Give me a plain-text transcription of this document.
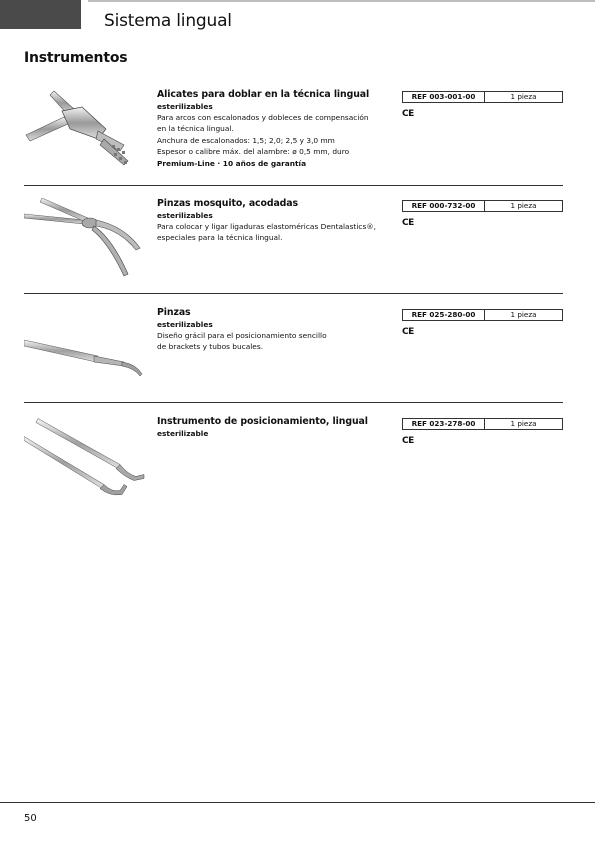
Sistema lingual
Instrumentos
Alicates para doblar en la técnica lingual
esterilizables
Para arcos con escalonados y dobleces de compensación
en la técnica lingual.
Anchura de escalonados: 1,5; 2,0; 2,5 y 3,0 mm
Espesor o calibre máx. del alambre: ø 0,5 mm, duro
Premium-Line · 10 años de garantía
REF 003-001-00	1 pieza
CE
Pinzas mosquito, acodadas
esterilizables
Para colocar y ligar ligaduras elastoméricas Dentalastics®,
especiales para la técnica lingual.
REF 000-732-00	1 pieza
CE
Pinzas
esterilizables
Diseño grácil para el posicionamiento sencillo
de brackets y tubos bucales.
REF 025-280-00	1 pieza
CE
Instrumento de posicionamiento, lingual
esterilizable
REF 023-278-00	1 pieza
CE
50
